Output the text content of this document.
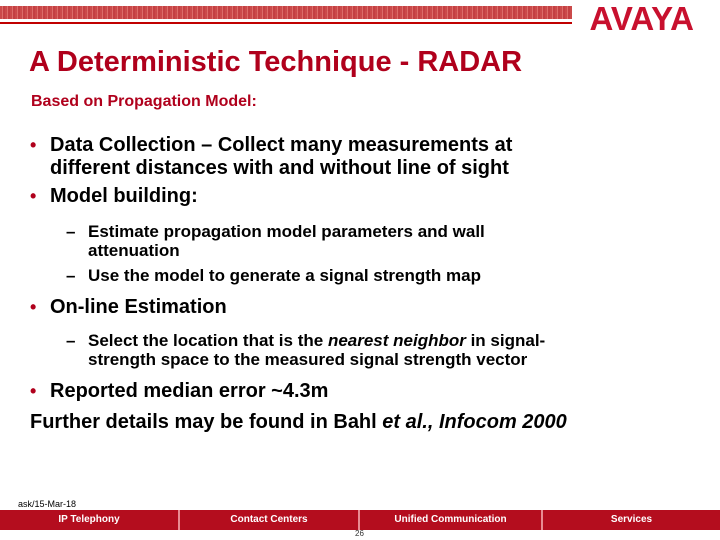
AVAYA
A Deterministic Technique - RADAR
Based on Propagation Model:
• Data Collection – Collect many measurements at
different distances with and without line of sight
• Model building:
– Estimate propagation model parameters and wall
attenuation
– Use the model to generate a signal strength map
• On-line Estimation
– Select the location that is the nearest neighbor in signal-
strength space to the measured signal strength vector
• Reported median error ~4.3m
Further details may be found in Bahl et al., Infocom 2000
ask/15-Mar-18
IP Telephony	Contact Centers	Unified Communication	Services
26
